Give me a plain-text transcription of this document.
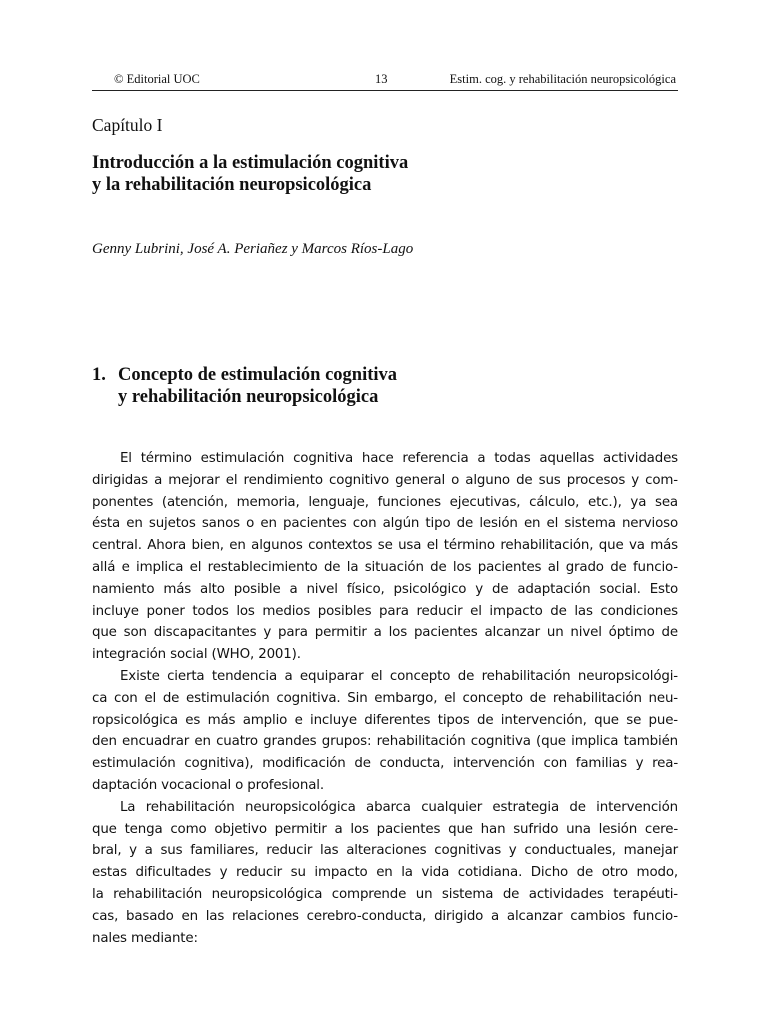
© Editorial UOC	13	Estim. cog. y rehabilitación neuropsicológica
Capítulo I
Introducción a la estimulación cognitiva
y la rehabilitación neuropsicológica
Genny Lubrini, José A. Periañez y Marcos Ríos-Lago
1. Concepto de estimulación cognitiva
y rehabilitación neuropsicológica
El término estimulación cognitiva hace referencia a todas aquellas actividades
dirigidas a mejorar el rendimiento cognitivo general o alguno de sus procesos y com-
ponentes (atención, memoria, lenguaje, funciones ejecutivas, cálculo, etc.), ya sea
ésta en sujetos sanos o en pacientes con algún tipo de lesión en el sistema nervioso
central. Ahora bien, en algunos contextos se usa el término rehabilitación, que va más
allá e implica el restablecimiento de la situación de los pacientes al grado de funcio-
namiento más alto posible a nivel físico, psicológico y de adaptación social. Esto
incluye poner todos los medios posibles para reducir el impacto de las condiciones
que son discapacitantes y para permitir a los pacientes alcanzar un nivel óptimo de
integración social (WHO, 2001).
Existe cierta tendencia a equiparar el concepto de rehabilitación neuropsicológi-
ca con el de estimulación cognitiva. Sin embargo, el concepto de rehabilitación neu-
ropsicológica es más amplio e incluye diferentes tipos de intervención, que se pue-
den encuadrar en cuatro grandes grupos: rehabilitación cognitiva (que implica también
estimulación cognitiva), modificación de conducta, intervención con familias y rea-
daptación vocacional o profesional.
La rehabilitación neuropsicológica abarca cualquier estrategia de intervención
que tenga como objetivo permitir a los pacientes que han sufrido una lesión cere-
bral, y a sus familiares, reducir las alteraciones cognitivas y conductuales, manejar
estas dificultades y reducir su impacto en la vida cotidiana. Dicho de otro modo,
la rehabilitación neuropsicológica comprende un sistema de actividades terapéuti-
cas, basado en las relaciones cerebro-conducta, dirigido a alcanzar cambios funcio-
nales mediante:
